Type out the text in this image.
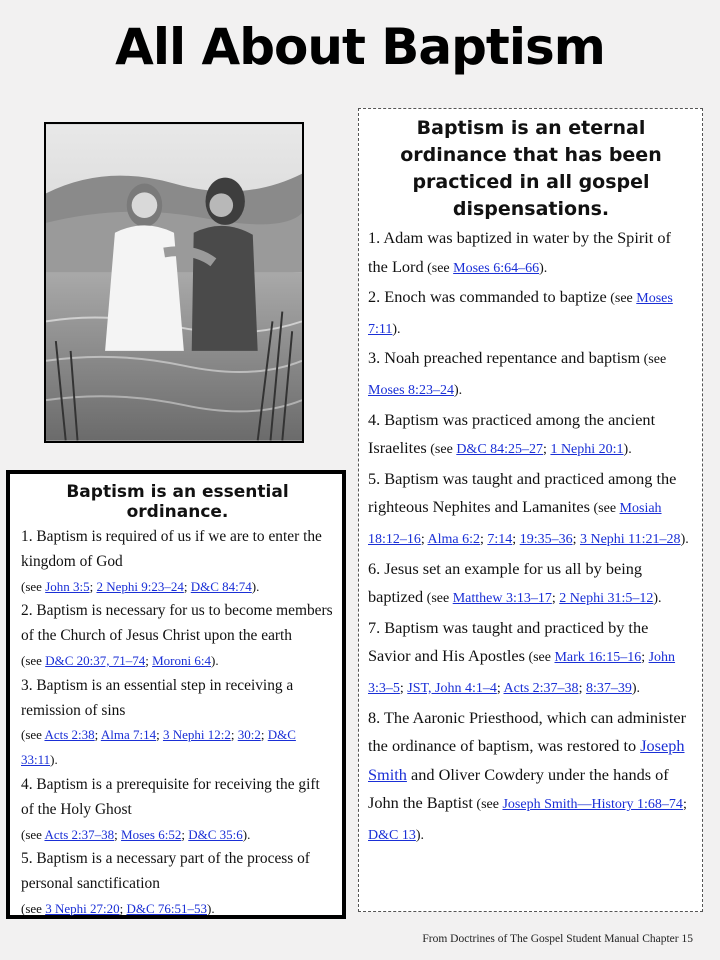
All About Baptism
Baptism is an essential ordinance.

1. Baptism is required of us if we are to enter the kingdom of God
(see John 3:5; 2 Nephi 9:23–24; D&C 84:74).

2. Baptism is necessary for us to become members of the Church of Jesus Christ upon the earth
(see D&C 20:37, 71–74; Moroni 6:4).

3. Baptism is an essential step in receiving a remission of sins
(see Acts 2:38; Alma 7:14; 3 Nephi 12:2; 30:2; D&C 33:11).

4. Baptism is a prerequisite for receiving the gift of the Holy Ghost
(see Acts 2:37–38; Moses 6:52; D&C 35:6).

5. Baptism is a necessary part of the process of personal sanctification
(see 3 Nephi 27:20; D&C 76:51–53).

Baptism is an eternal ordinance that has been practiced in all gospel dispensations.

1. Adam was baptized in water by the Spirit of the Lord (see Moses 6:64–66).

2. Enoch was commanded to baptize (see Moses 7:11).

3. Noah preached repentance and baptism (see Moses 8:23–24).

4. Baptism was practiced among the ancient Israelites (see D&C 84:25–27; 1 Nephi 20:1).

5. Baptism was taught and practiced among the righteous Nephites and Lamanites (see Mosiah 18:12–16; Alma 6:2; 7:14; 19:35–36; 3 Nephi 11:21–28).

6. Jesus set an example for us all by being baptized (see Matthew 3:13–17; 2 Nephi 31:5–12).

7. Baptism was taught and practiced by the Savior and His Apostles (see Mark 16:15–16; John 3:3–5; JST, John 4:1–4; Acts 2:37–38; 8:37–39).

8. The Aaronic Priesthood, which can administer the ordinance of baptism, was restored to Joseph Smith and Oliver Cowdery under the hands of John the Baptist (see Joseph Smith—History 1:68–74; D&C 13).

From Doctrines of The Gospel Student Manual Chapter 15
